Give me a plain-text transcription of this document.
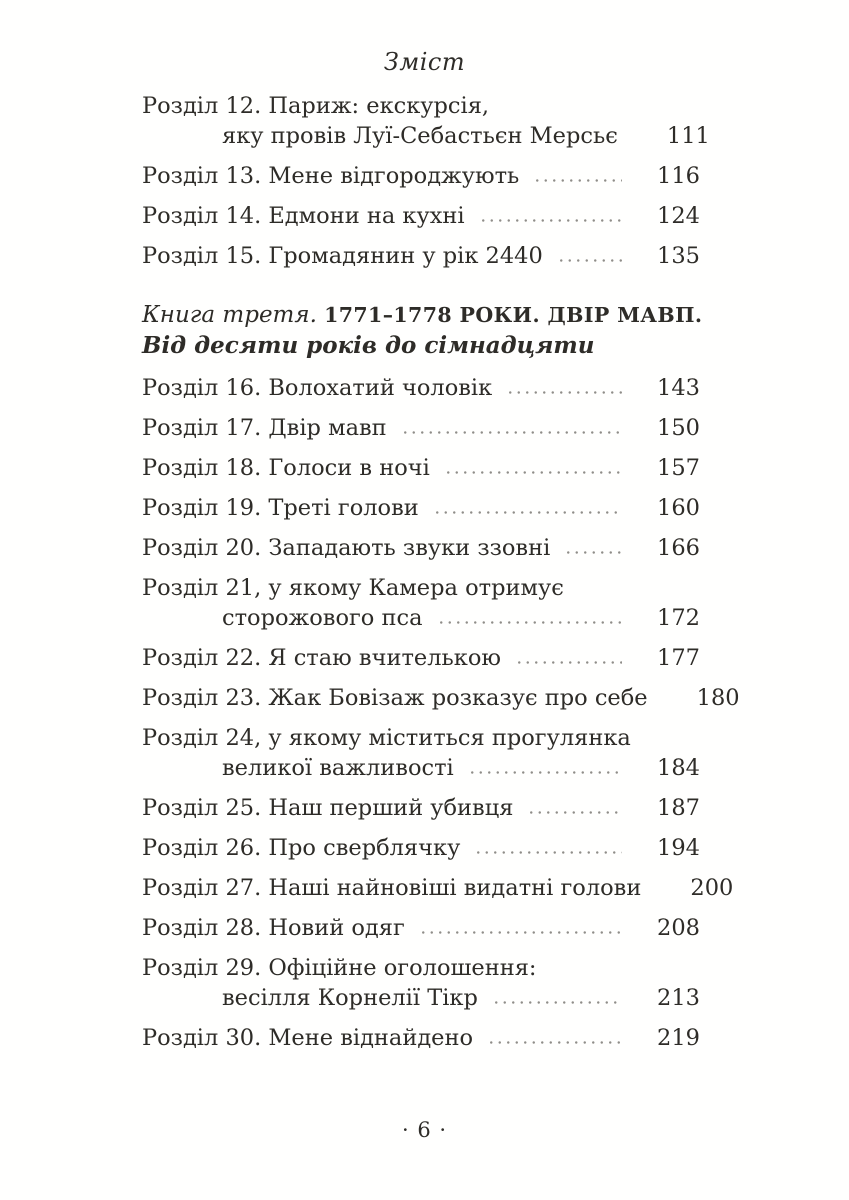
Зміст
Розділ 12. Париж: екскурсія,
яку провів Луї-Себастьєн Мерсьє 111
Розділ 13. Мене відгороджують	116
Розділ 14. Едмони на кухні	124
Розділ 15. Громадянин у рік 2440	135
Книга третя. 1771–1778 РОКИ. ДВІР МАВП.
Від десяти років до сімнадцяти
Розділ 16. Волохатий чоловік	143
Розділ 17. Двір мавп	150
Розділ 18. Голоси в ночі	157
Розділ 19. Треті голови	160
Розділ 20. Западають звуки ззовні	166
Розділ 21, у якому Камера отримує
сторожового пса	172
Розділ 22. Я стаю вчителькою	177
Розділ 23. Жак Бовізаж розказує про себе 180
Розділ 24, у якому міститься прогулянка
великої важливості	184
Розділ 25. Наш перший убивця	187
Розділ 26. Про сверблячку	194
Розділ 27. Наші найновіші видатні голови 200
Розділ 28. Новий одяг	208
Розділ 29. Офіційне оголошення:
весілля Корнелії Тікр	213
Розділ 30. Мене віднайдено	219
· 6 ·
